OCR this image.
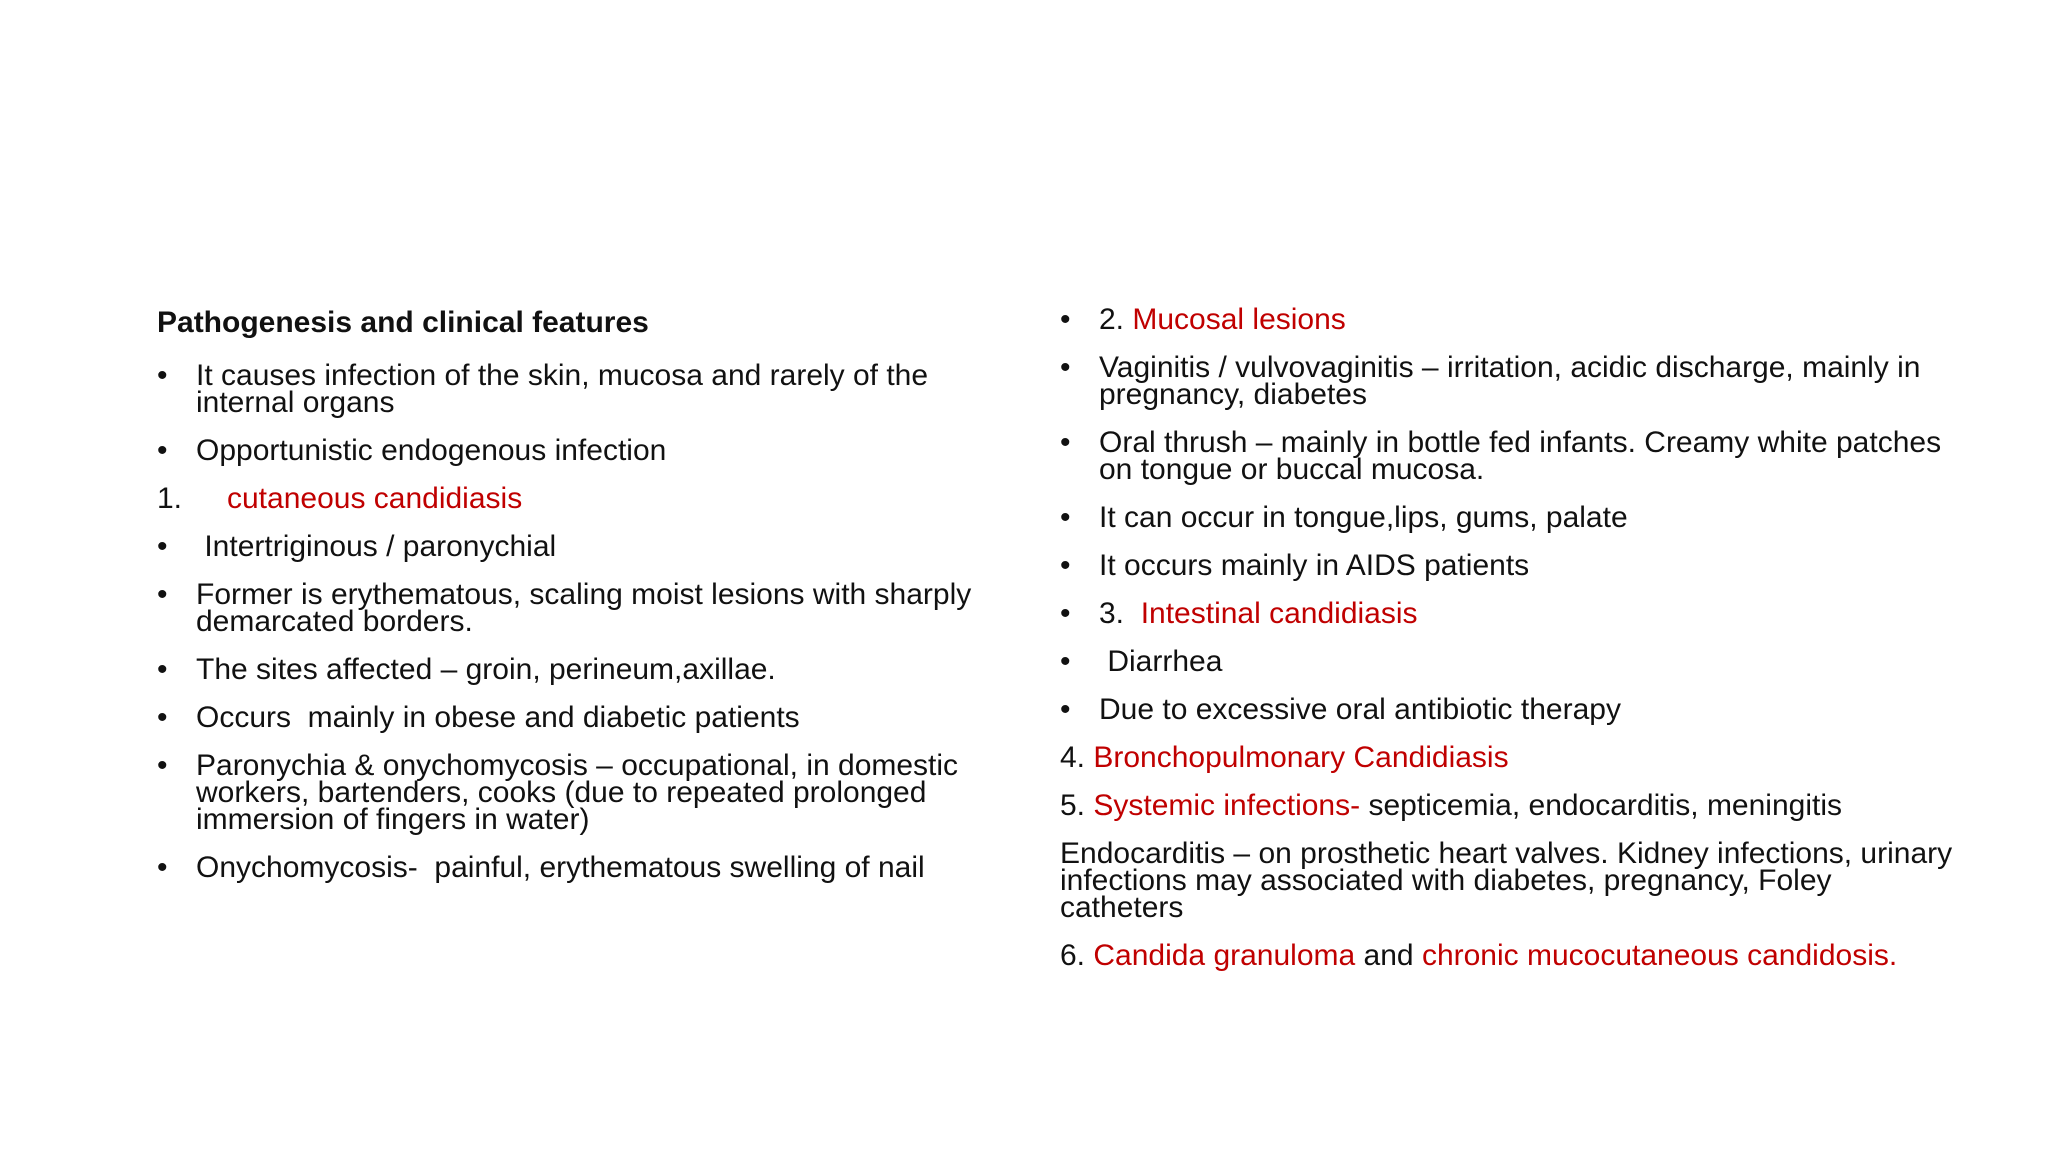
Pathogenesis and clinical features
• It causes infection of the skin, mucosa and rarely of the internal organs
• Opportunistic endogenous infection
1. cutaneous candidiasis
• Intertriginous / paronychial
• Former is erythematous, scaling moist lesions with sharply demarcated borders.
• The sites affected – groin, perineum,axillae.
• Occurs  mainly in obese and diabetic patients
• Paronychia & onychomycosis – occupational, in domestic workers, bartenders, cooks (due to repeated prolonged immersion of fingers in water)
• Onychomycosis-  painful, erythematous swelling of nail
• 2. Mucosal lesions
• Vaginitis / vulvovaginitis – irritation, acidic discharge, mainly in pregnancy, diabetes
• Oral thrush – mainly in bottle fed infants. Creamy white patches on tongue or buccal mucosa.
• It can occur in tongue,lips, gums, palate
• It occurs mainly in AIDS patients
• 3.  Intestinal candidiasis
• Diarrhea
• Due to excessive oral antibiotic therapy
4. Bronchopulmonary Candidiasis
5. Systemic infections- septicemia, endocarditis, meningitis
Endocarditis – on prosthetic heart valves. Kidney infections, urinary infections may associated with diabetes, pregnancy, Foley catheters
6. Candida granuloma and chronic mucocutaneous candidosis.
